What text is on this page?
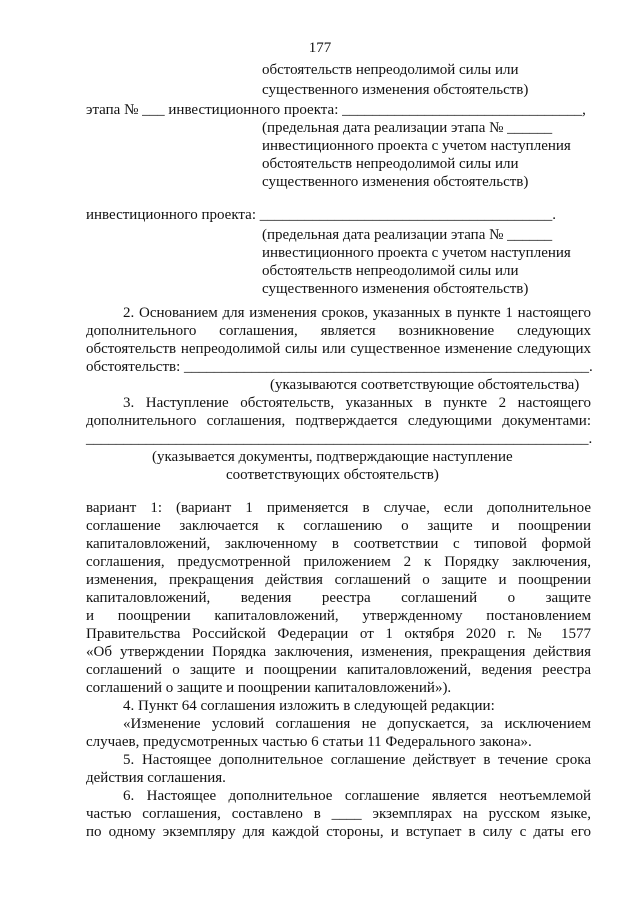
177

обстоятельств непреодолимой силы или

существенного изменения обстоятельств)

этапа № ___ инвестиционного проекта: ________________________________,

(предельная дата реализации этапа № ______

инвестиционного проекта с учетом наступления

обстоятельств непреодолимой силы или

существенного изменения обстоятельств)

инвестиционного проекта: _______________________________________.

(предельная дата реализации этапа № ______

инвестиционного проекта с учетом наступления

обстоятельств непреодолимой силы или

существенного изменения обстоятельств)

2. Основанием для изменения сроков, указанных в пункте 1 настоящего

дополнительного соглашения, является возникновение следующих

обстоятельств непреодолимой силы или существенное изменение следующих

обстоятельств: ______________________________________________________.

(указываются соответствующие обстоятельства)

3. Наступление обстоятельств, указанных в пункте 2 настоящего

дополнительного соглашения, подтверждается следующими документами:

___________________________________________________________________.

(указывается документы, подтверждающие наступление

соответствующих обстоятельств)

вариант 1: (вариант 1 применяется в случае, если дополнительное

соглашение заключается к соглашению о защите и поощрении

капиталовложений, заключенному в соответствии с типовой формой

соглашения, предусмотренной приложением 2 к Порядку заключения,

изменения, прекращения действия соглашений о защите и поощрении

капиталовложений, ведения реестра соглашений о защите

и поощрении капиталовложений, утвержденному постановлением

Правительства Российской Федерации от 1 октября 2020 г. № 1577

«Об утверждении Порядка заключения, изменения, прекращения действия

соглашений о защите и поощрении капиталовложений, ведения реестра

соглашений о защите и поощрении капиталовложений»).

4. Пункт 64 соглашения изложить в следующей редакции:

«Изменение условий соглашения не допускается, за исключением

случаев, предусмотренных частью 6 статьи 11 Федерального закона».

5. Настоящее дополнительное соглашение действует в течение срока

действия соглашения.

6. Настоящее дополнительное соглашение является неотъемлемой

частью соглашения, составлено в ____ экземплярах на русском языке,

по одному экземпляру для каждой стороны, и вступает в силу с даты его
